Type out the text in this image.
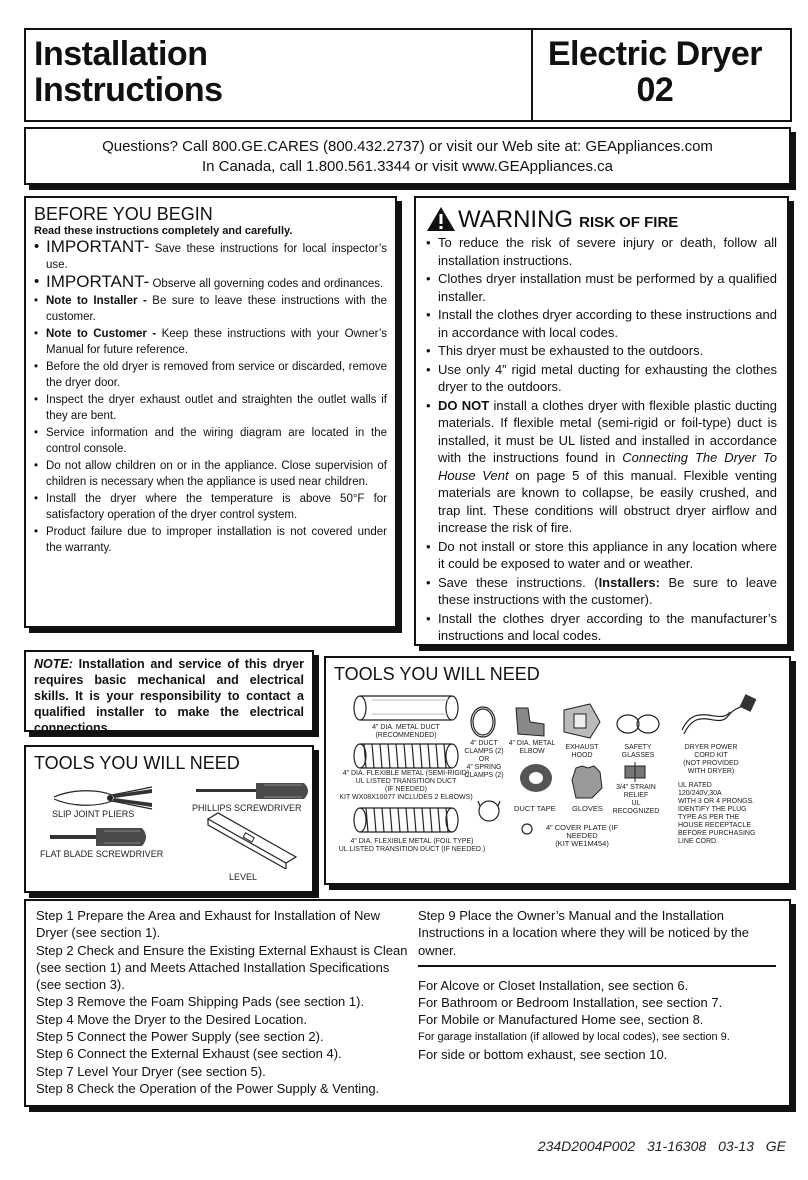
Installation
Instructions
Electric Dryer
02
Questions? Call 800.GE.CARES (800.432.2737) or visit our Web site at: GEAppliances.com
In Canada, call 1.800.561.3344 or visit www.GEAppliances.ca
BEFORE YOU BEGIN
Read these instructions completely and carefully.
• IMPORTANT- Save these instructions for local inspector’s use.
• IMPORTANT- Observe all governing codes and ordinances.
• Note to Installer - Be sure to leave these instructions with the customer.
• Note to Customer - Keep these instructions with your Owner’s Manual for future reference.
• Before the old dryer is removed from service or discarded, remove the dryer door.
• Inspect the dryer exhaust outlet and straighten the outlet walls if they are bent.
• Service information and the wiring diagram are located in the control console.
• Do not allow children on or in the appliance. Close supervision of children is necessary when the appliance is used near children.
• Install the dryer where the temperature is above 50°F for satisfactory operation of the dryer control system.
• Product failure due to improper installation is not covered under the warranty.
WARNING RISK OF FIRE
• To reduce the risk of severe injury or death, follow all installation instructions.
• Clothes dryer installation must be performed by a qualified installer.
• Install the clothes dryer according to these instructions and in accordance with local codes.
• This dryer must be exhausted to the outdoors.
• Use only 4” rigid metal ducting for exhausting the clothes dryer to the outdoors.
• DO NOT install a clothes dryer with flexible plastic ducting materials. If flexible metal (semi-rigid or foil-type) duct is installed, it must be UL listed and installed in accordance with the instructions found in Connecting The Dryer To House Vent on page 5 of this manual. Flexible venting materials are known to collapse, be easily crushed, and trap lint. These conditions will obstruct dryer airflow and increase the risk of fire.
• Do not install or store this appliance in any location where it could be exposed to water and or weather.
• Save these instructions. (Installers: Be sure to leave these instructions with the customer).
• Install the clothes dryer according to the manufacturer’s instructions and local codes.
NOTE: Installation and service of this dryer requires basic mechanical and electrical skills. It is your responsibility to contact a qualified installer to make the electrical connections.
TOOLS YOU WILL NEED
SLIP JOINT PLIERS
PHILLIPS SCREWDRIVER
FLAT BLADE SCREWDRIVER
LEVEL
TOOLS YOU WILL NEED
4” DIA. METAL DUCT
(RECOMMENDED)
4” DIA. FLEXIBLE METAL (SEMI-RIGID)
UL LISTED TRANSITION DUCT
(IF NEEDED)
KIT WX08X10077 INCLUDES 2 ELBOWS)
4” DIA. FLEXIBLE METAL (FOIL TYPE)
UL LISTED TRANSITION DUCT (IF NEEDED.)
4” DUCT
CLAMPS (2)
OR
4” SPRING
CLAMPS (2)
4” DIA. METAL
ELBOW
EXHAUST
HOOD
SAFETY
GLASSES
DUCT TAPE GLOVES
3/4” STRAIN
RELIEF
UL RECOGNIZED
4” COVER PLATE (IF NEEDED
(KIT WE1M454)
DRYER POWER
CORD KIT
(NOT PROVIDED
WITH DRYER)
UL RATED
120/240V,30A
WITH 3 OR 4 PRONGS.
IDENTIFY THE PLUG
TYPE AS PER THE
HOUSE RECEPTACLE
BEFORE PURCHASING
LINE CORD.
Step 1 Prepare the Area and Exhaust for Installation of New Dryer (see section 1).
Step 2 Check and Ensure the Existing External Exhaust is Clean (see section 1) and Meets Attached Installation Specifications (see section 3).
Step 3 Remove the Foam Shipping Pads (see section 1).
Step 4 Move the Dryer to the Desired Location.
Step 5 Connect the Power Supply (see section 2).
Step 6 Connect the External Exhaust (see section 4).
Step 7 Level Your Dryer (see section 5).
Step 8 Check the Operation of the Power Supply & Venting.
Step 9 Place the Owner’s Manual and the Installation Instructions in a location where they will be noticed by the owner.
For Alcove or Closet Installation, see section 6.
For Bathroom or Bedroom Installation, see section 7.
For Mobile or Manufactured Home see, section 8.
For garage installation (if allowed by local codes), see section 9.
For side or bottom exhaust, see section 10.
234D2004P002 31-16308 03-13 GE
